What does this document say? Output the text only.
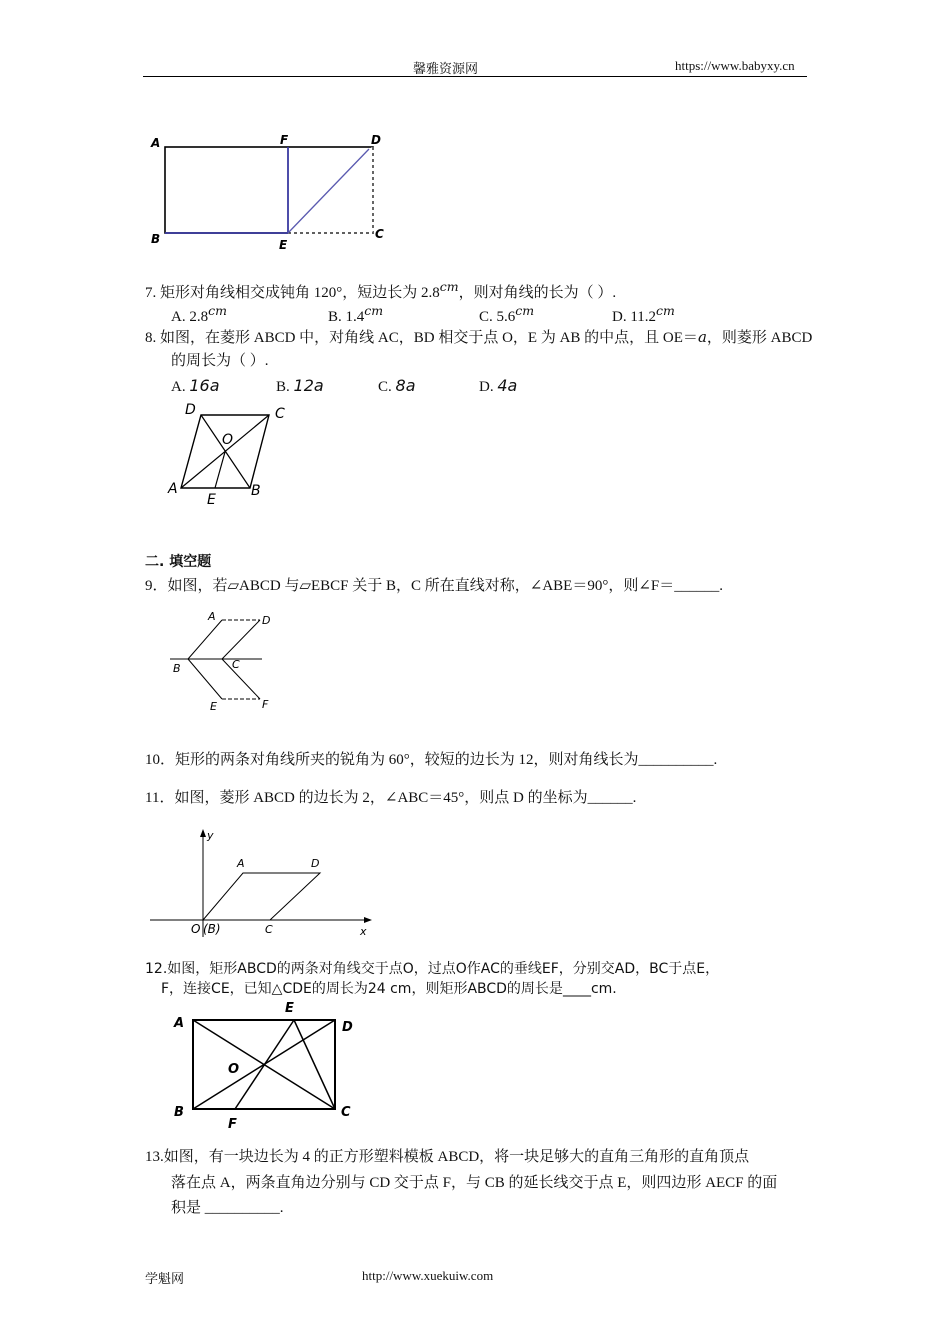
馨雅资源网	https://www.babyxy.cn
A	F	D
B	E
C
7. 矩形对角线相交成钝角 120°，短边长为 $2.8^{cm}$，则对角线的长为（ ）.
A. $2.8^{cm}$	B. $1.4^{cm}$	C. $5.6^{cm}$	D. $11.2^{cm}$
8. 如图，在菱形 ABCD 中，对角线 AC，BD 相交于点 O，E 为 AB 的中点，且 OE＝a，则菱形 ABCD
的周长为（ ）.
A. 16a	B. 12a	C. 8a	D. 4a
D	C
O
A
E
B
二. 填空题
9．如图，若▱ABCD 与▱EBCF 关于 B，C 所在直线对称，∠ABE＝90°，则∠F＝______.
A	D
B	C
E	F
10．矩形的两条对角线所夹的锐角为 60°，较短的边长为 12，则对角线长为__________.
11．如图，菱形 ABCD 的边长为 2，∠ABC＝45°，则点 D 的坐标为______.
y
A	D
O (B)	C	x
12.如图，矩形ABCD的两条对角线交于点O，过点O作AC的垂线EF，分别交AD，BC于点E，
F，连接CE，已知△CDE的周长为24 cm，则矩形ABCD的周长是____cm.
A
E
D
O
B
F
C
13.如图，有一块边长为 4 的正方形塑料模板 ABCD，将一块足够大的直角三角形的直角顶点
落在点 A，两条直角边分别与 CD 交于点 F，与 CB 的延长线交于点 E，则四边形 AECF 的面
积是 __________.
学魁网	http://www.xuekuiw.com
